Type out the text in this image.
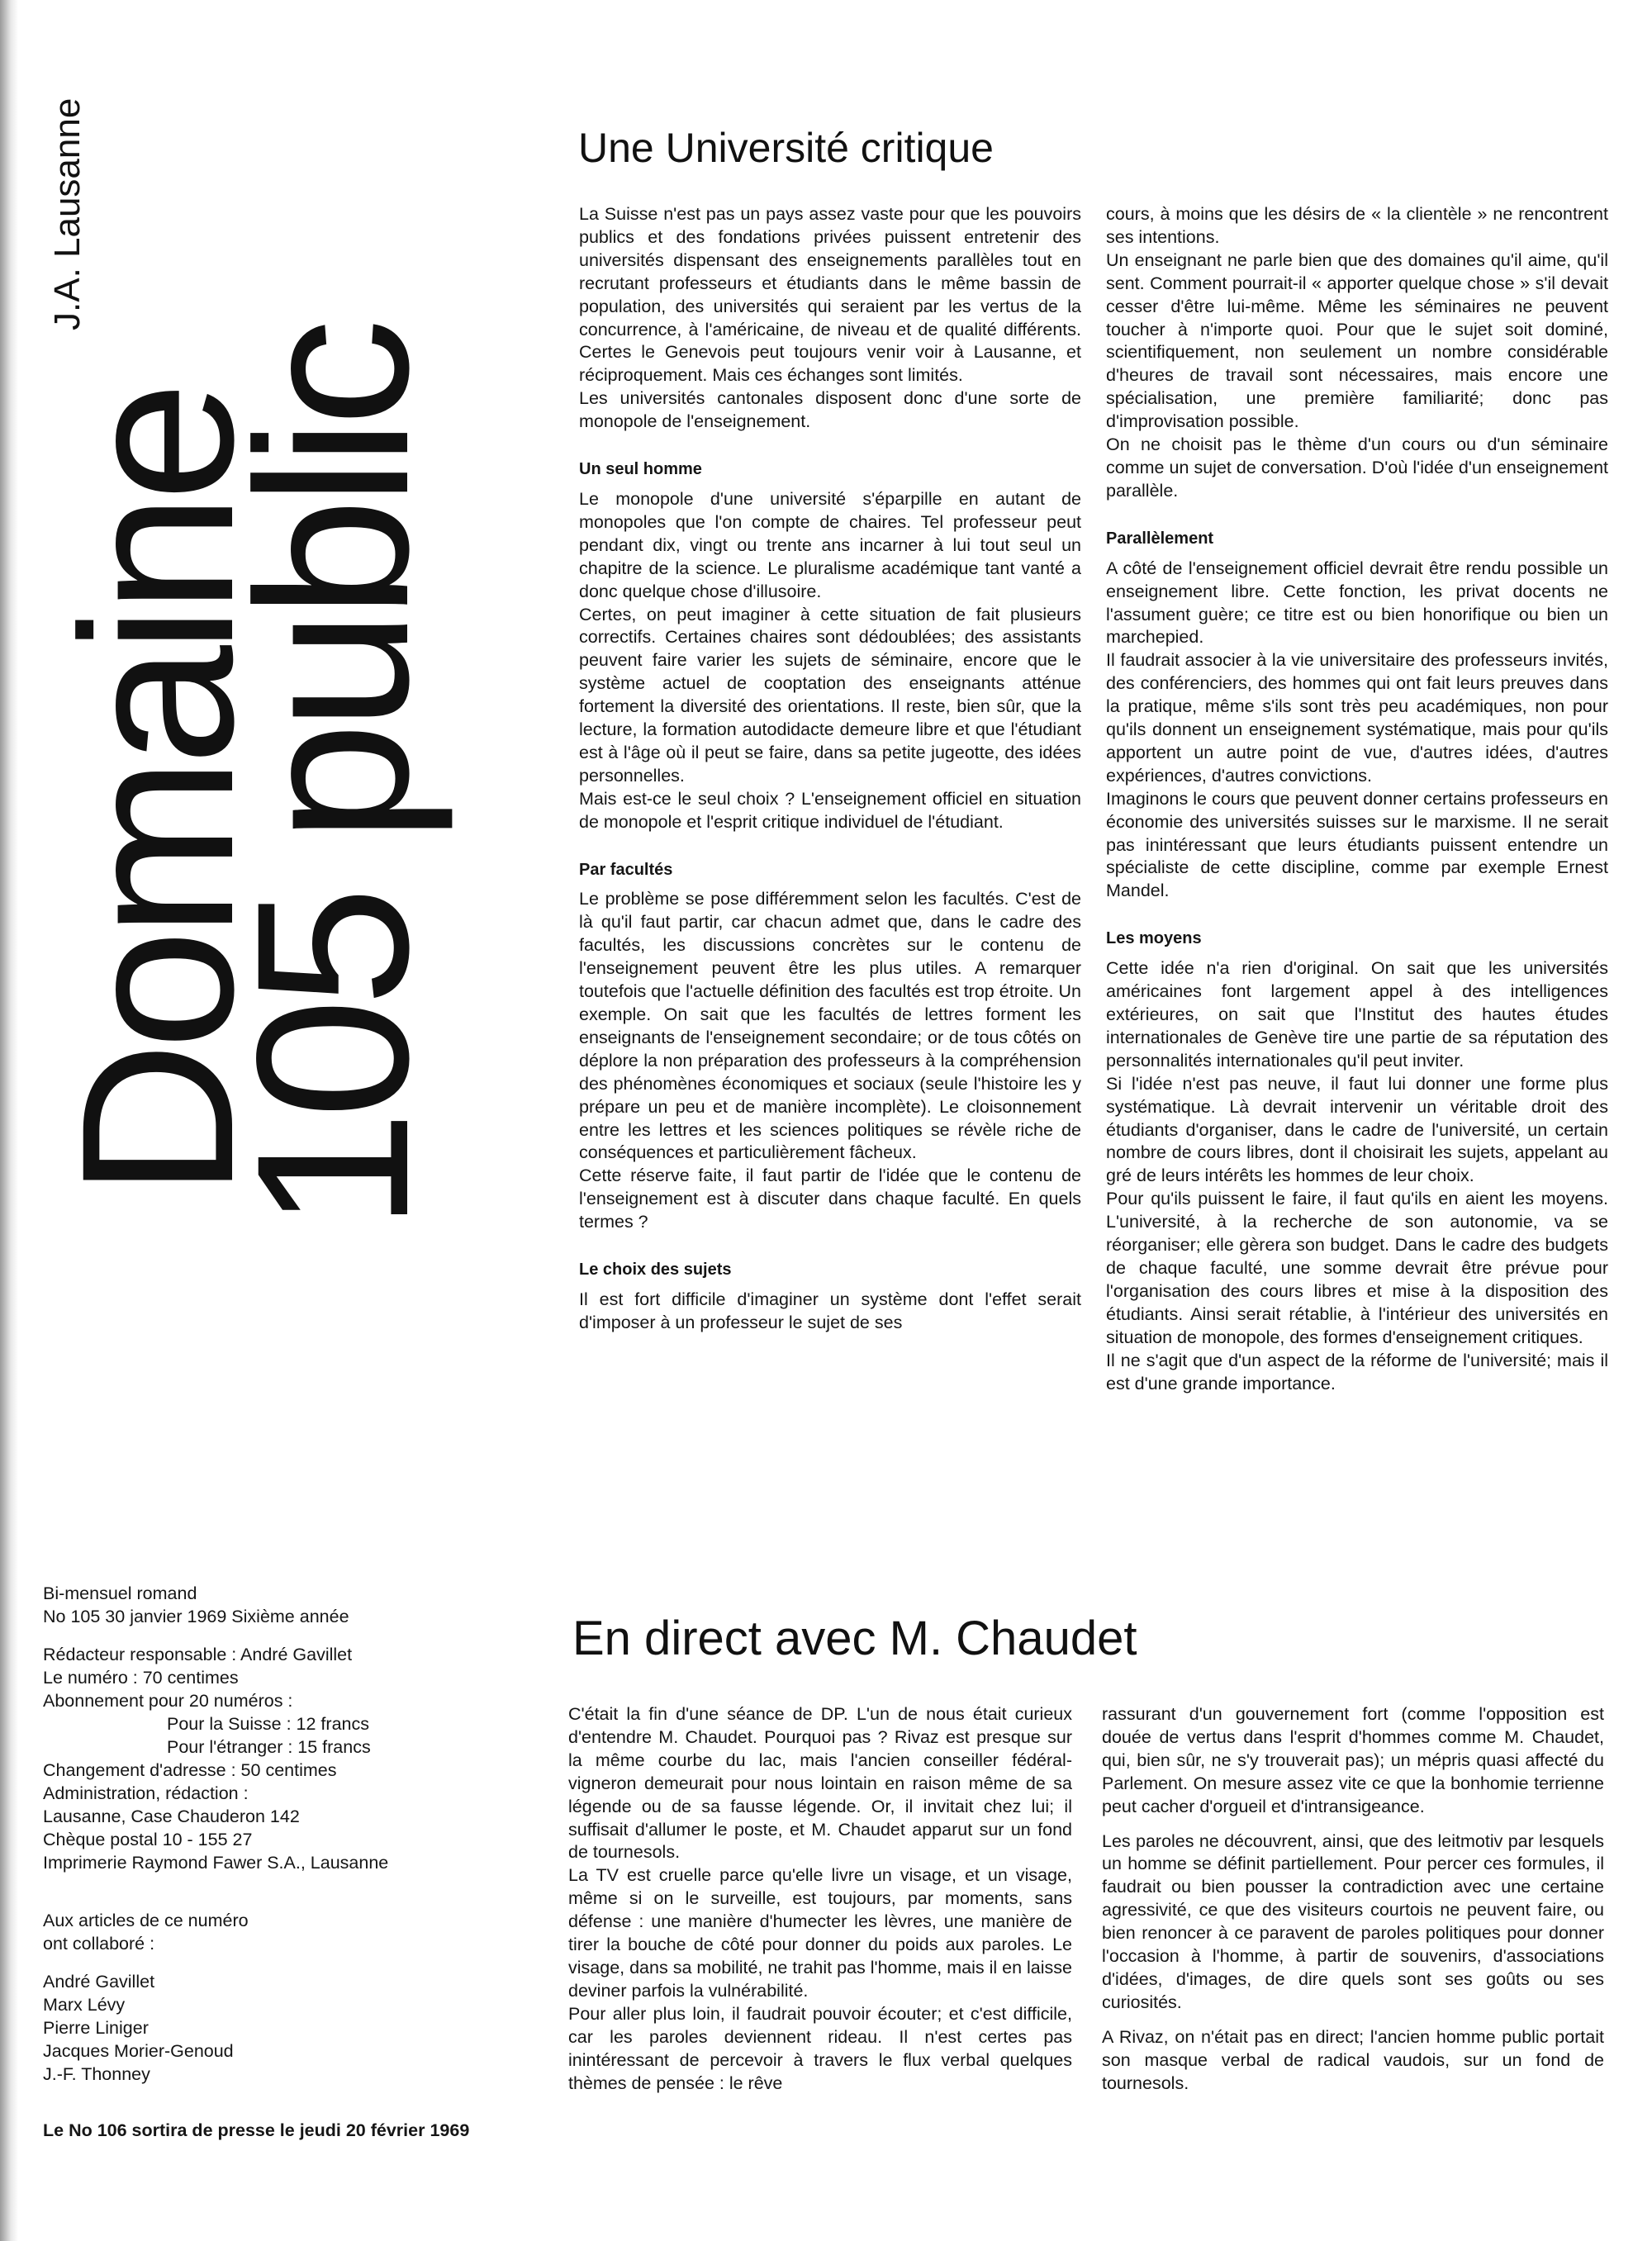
Domaine
105 public
J.A. Lausanne	Une Université critique

La Suisse n'est pas un pays assez vaste pour que les pouvoirs publics et des fondations privées puissent entretenir des universités dispensant des enseignements parallèles tout en recrutant professeurs et étudiants dans le même bassin de population, des universités qui seraient par les vertus de la concurrence, à l'américaine, de niveau et de qualité différents. Certes le Genevois peut toujours venir voir à Lausanne, et réciproquement. Mais ces échanges sont limités.

Les universités cantonales disposent donc d'une sorte de monopole de l'enseignement.

Un seul homme

Le monopole d'une université s'éparpille en autant de monopoles que l'on compte de chaires. Tel professeur peut pendant dix, vingt ou trente ans incarner à lui tout seul un chapitre de la science. Le pluralisme académique tant vanté a donc quelque chose d'illusoire.

Certes, on peut imaginer à cette situation de fait plusieurs correctifs. Certaines chaires sont dédoublées; des assistants peuvent faire varier les sujets de séminaire, encore que le système actuel de cooptation des enseignants atténue fortement la diversité des orientations. Il reste, bien sûr, que la lecture, la formation autodidacte demeure libre et que l'étudiant est à l'âge où il peut se faire, dans sa petite jugeotte, des idées personnelles.

Mais est-ce le seul choix ? L'enseignement officiel en situation de monopole et l'esprit critique individuel de l'étudiant.

Par facultés

Le problème se pose différemment selon les facultés. C'est de là qu'il faut partir, car chacun admet que, dans le cadre des facultés, les discussions concrètes sur le contenu de l'enseignement peuvent être les plus utiles. A remarquer toutefois que l'actuelle définition des facultés est trop étroite. Un exemple. On sait que les facultés de lettres forment les enseignants de l'enseignement secondaire; or de tous côtés on déplore la non préparation des professeurs à la compréhension des phénomènes économiques et sociaux (seule l'histoire les y prépare un peu et de manière incomplète). Le cloisonnement entre les lettres et les sciences politiques se révèle riche de conséquences et particulièrement fâcheux.

Cette réserve faite, il faut partir de l'idée que le contenu de l'enseignement est à discuter dans chaque faculté. En quels termes ?

Le choix des sujets

Il est fort difficile d'imaginer un système dont l'effet serait d'imposer à un professeur le sujet de ses

cours, à moins que les désirs de « la clientèle » ne rencontrent ses intentions.

Un enseignant ne parle bien que des domaines qu'il aime, qu'il sent. Comment pourrait-il « apporter quelque chose » s'il devait cesser d'être lui-même. Même les séminaires ne peuvent toucher à n'importe quoi. Pour que le sujet soit dominé, scientifiquement, non seulement un nombre considérable d'heures de travail sont nécessaires, mais encore une spécialisation, une première familiarité; donc pas d'improvisation possible.

On ne choisit pas le thème d'un cours ou d'un séminaire comme un sujet de conversation. D'où l'idée d'un enseignement parallèle.

Parallèlement

A côté de l'enseignement officiel devrait être rendu possible un enseignement libre. Cette fonction, les privat docents ne l'assument guère; ce titre est ou bien honorifique ou bien un marchepied.

Il faudrait associer à la vie universitaire des professeurs invités, des conférenciers, des hommes qui ont fait leurs preuves dans la pratique, même s'ils sont très peu académiques, non pour qu'ils donnent un enseignement systématique, mais pour qu'ils apportent un autre point de vue, d'autres idées, d'autres expériences, d'autres convictions.

Imaginons le cours que peuvent donner certains professeurs en économie des universités suisses sur le marxisme. Il ne serait pas inintéressant que leurs étudiants puissent entendre un spécialiste de cette discipline, comme par exemple Ernest Mandel.

Les moyens

Cette idée n'a rien d'original. On sait que les universités américaines font largement appel à des intelligences extérieures, on sait que l'Institut des hautes études internationales de Genève tire une partie de sa réputation des personnalités internationales qu'il peut inviter.

Si l'idée n'est pas neuve, il faut lui donner une forme plus systématique. Là devrait intervenir un véritable droit des étudiants d'organiser, dans le cadre de l'université, un certain nombre de cours libres, dont il choisirait les sujets, appelant au gré de leurs intérêts les hommes de leur choix.

Pour qu'ils puissent le faire, il faut qu'ils en aient les moyens. L'université, à la recherche de son autonomie, va se réorganiser; elle gèrera son budget. Dans le cadre des budgets de chaque faculté, une somme devrait être prévue pour l'organisation des cours libres et mise à la disposition des étudiants. Ainsi serait rétablie, à l'intérieur des universités en situation de monopole, des formes d'enseignement critiques.

Il ne s'agit que d'un aspect de la réforme de l'université; mais il est d'une grande importance.

Bi-mensuel romand

No 105 30 janvier 1969 Sixième année

Rédacteur responsable : André Gavillet

Le numéro : 70 centimes

Abonnement pour 20 numéros :

Pour la Suisse : 12 francs

Pour l'étranger : 15 francs

Changement d'adresse : 50 centimes

Administration, rédaction :

Lausanne, Case Chauderon 142

Chèque postal 10 - 155 27

Imprimerie Raymond Fawer S.A., Lausanne

Aux articles de ce numéro

ont collaboré :

André Gavillet

Marx Lévy

Pierre Liniger

Jacques Morier-Genoud

J.-F. Thonney

Le No 106 sortira de presse le jeudi 20 février 1969

En direct avec M. Chaudet

C'était la fin d'une séance de DP. L'un de nous était curieux d'entendre M. Chaudet. Pourquoi pas ? Rivaz est presque sur la même courbe du lac, mais l'ancien conseiller fédéral-vigneron demeurait pour nous lointain en raison même de sa légende ou de sa fausse légende. Or, il invitait chez lui; il suffisait d'allumer le poste, et M. Chaudet apparut sur un fond de tournesols.

La TV est cruelle parce qu'elle livre un visage, et un visage, même si on le surveille, est toujours, par moments, sans défense : une manière d'humecter les lèvres, une manière de tirer la bouche de côté pour donner du poids aux paroles. Le visage, dans sa mobilité, ne trahit pas l'homme, mais il en laisse deviner parfois la vulnérabilité.

Pour aller plus loin, il faudrait pouvoir écouter; et c'est difficile, car les paroles deviennent rideau. Il n'est certes pas inintéressant de percevoir à travers le flux verbal quelques thèmes de pensée : le rêve

rassurant d'un gouvernement fort (comme l'opposition est douée de vertus dans l'esprit d'hommes comme M. Chaudet, qui, bien sûr, ne s'y trouverait pas); un mépris quasi affecté du Parlement. On mesure assez vite ce que la bonhomie terrienne peut cacher d'orgueil et d'intransigeance.

Les paroles ne découvrent, ainsi, que des leitmotiv par lesquels un homme se définit partiellement. Pour percer ces formules, il faudrait ou bien pousser la contradiction avec une certaine agressivité, ce que des visiteurs courtois ne peuvent faire, ou bien renoncer à ce paravent de paroles politiques pour donner l'occasion à l'homme, à partir de souvenirs, d'associations d'idées, d'images, de dire quels sont ses goûts ou ses curiosités.

A Rivaz, on n'était pas en direct; l'ancien homme public portait son masque verbal de radical vaudois, sur un fond de tournesols.
